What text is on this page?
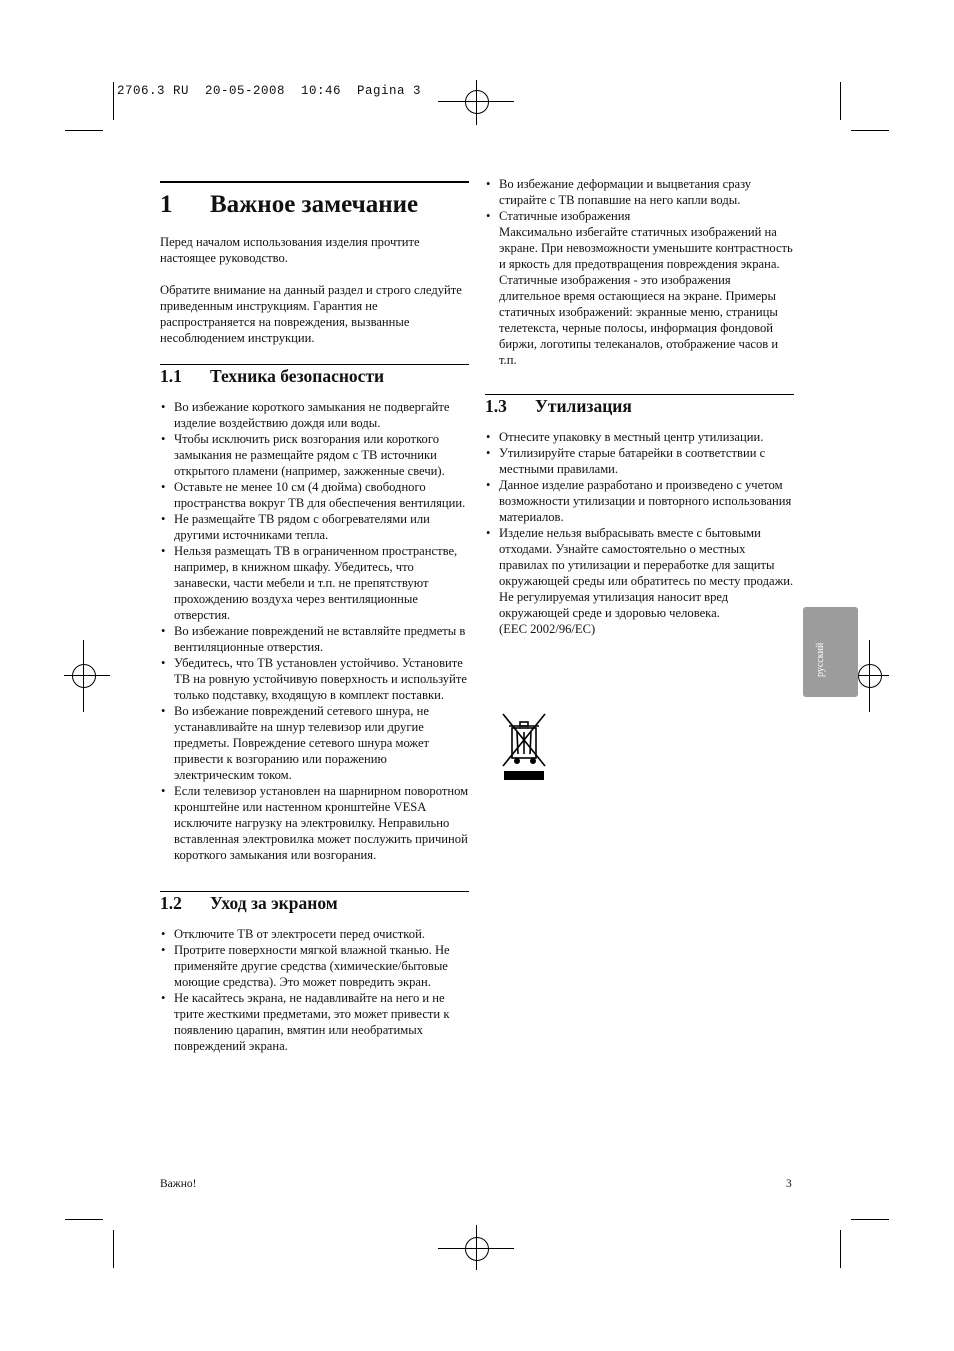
2706.3 RU  20-05-2008  10:46  Pagina 3
1	Важное замечание

Перед началом использования изделия прочтите настоящее руководство.

Обратите внимание на данный раздел и строго следуйте приведенным инструкциям. Гарантия не распространяется на повреждения, вызванные несоблюдением инструкции.

1.1	Техника безопасности
• Во избежание короткого замыкания не подвергайте изделие воздействию дождя или воды.
• Чтобы исключить риск возгорания или короткого замыкания не размещайте рядом с ТВ источники открытого пламени (например, зажженные свечи).
• Оставьте не менее 10 см (4 дюйма) свободного пространства вокруг ТВ для обеспечения вентиляции.
• Не размещайте ТВ рядом с обогревателями или другими источниками тепла.
• Нельзя размещать ТВ в ограниченном пространстве, например, в книжном шкафу. Убедитесь, что занавески, части мебели и т.п. не препятствуют прохождению воздуха через вентиляционные отверстия.
• Во избежание повреждений не вставляйте предметы в вентиляционные отверстия.
• Убедитесь, что ТВ установлен устойчиво. Установите ТВ на ровную устойчивую поверхность и используйте только подставку, входящую в комплект поставки.
• Во избежание повреждений сетевого шнура, не устанавливайте на шнур телевизор или другие предметы. Повреждение сетевого шнура может привести к возгоранию или поражению электрическим током.
• Если телевизор установлен на шарнирном поворотном кронштейне или настенном кронштейне VESA исключите нагрузку на электровилку. Неправильно вставленная электровилка может послужить причиной короткого замыкания или возгорания.
1.2	Уход за экраном
• Отключите ТВ от электросети перед очисткой.
• Протрите поверхности мягкой влажной тканью. Не применяйте другие средства (химические/бытовые моющие средства). Это может повредить экран.
• Не касайтесь экрана, не надавливайте на него и не трите жесткими предметами, это может привести к появлению царапин, вмятин или необратимых повреждений экрана.
• Во избежание деформации и выцветания сразу стирайте с ТВ попавшие на него капли воды.
• Статичные изображения
Максимально избегайте статичных изображений на экране. При невозможности уменьшите контрастность и яркость для предотвращения повреждения экрана.
Статичные изображения - это изображения длительное время остающиеся на экране. Примеры статичных изображений: экранные меню, страницы телетекста, черные полосы, информация фондовой биржи, логотипы телеканалов, отображение часов и т.п.
1.3	Утилизация
• Отнесите упаковку в местный центр утилизации.
• Утилизируйте старые батарейки в соответствии с местными правилами.
• Данное изделие разработано и произведено с учетом возможности утилизации и повторного использования материалов.
• Изделие нельзя выбрасывать вместе с бытовыми отходами. Узнайте самостоятельно о местных правилах по утилизации и переработке для защиты окружающей среды или обратитесь по месту продажи. Не регулируемая утилизация наносит вред окружающей среде и здоровью человека.
(EEC 2002/96/EC)
русский
Важно!	3
